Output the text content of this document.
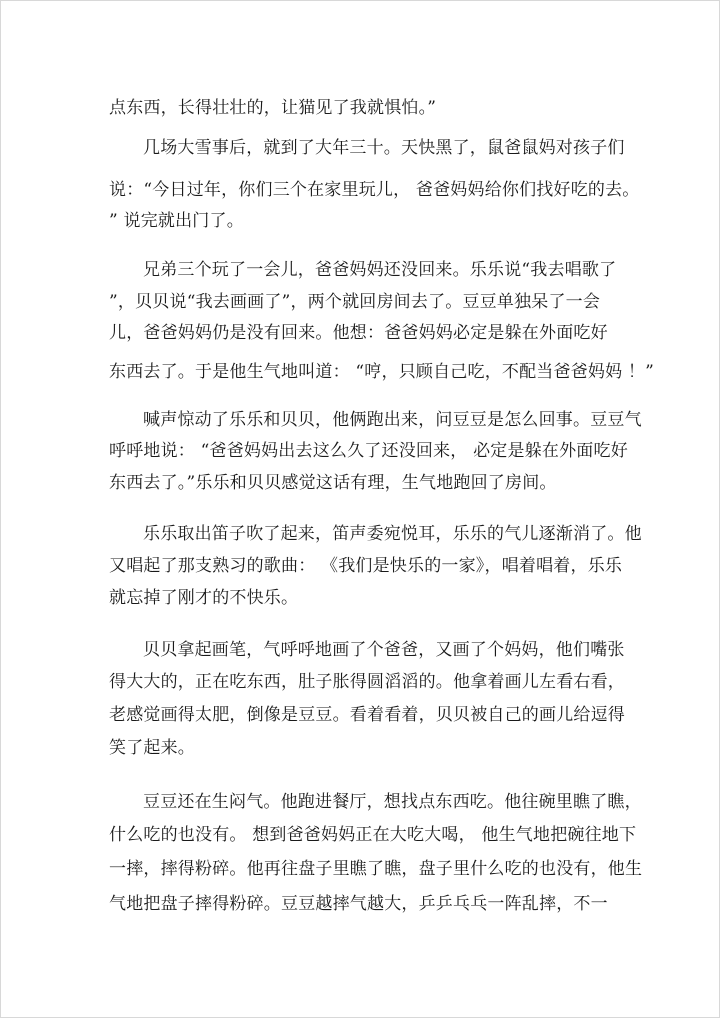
点东西，长得壮壮的，让猫见了我就惧怕。”
几场大雪事后，就到了大年三十。天快黑了，鼠爸鼠妈对孩子们
说：“今日过年，你们三个在家里玩儿， 爸爸妈妈给你们找好吃的去。
” 说完就出门了。
兄弟三个玩了一会儿，爸爸妈妈还没回来。乐乐说“我去唱歌了
”，贝贝说“我去画画了”，两个就回房间去了。豆豆单独呆了一会
儿，爸爸妈妈仍是没有回来。他想：爸爸妈妈必定是躲在外面吃好
东西去了。于是他生气地叫道： “哼，只顾自己吃，不配当爸爸妈妈 ！”
喊声惊动了乐乐和贝贝，他俩跑出来，问豆豆是怎么回事。豆豆气
呼呼地说： “爸爸妈妈出去这么久了还没回来， 必定是躲在外面吃好
东西去了。”乐乐和贝贝感觉这话有理，生气地跑回了房间。
乐乐取出笛子吹了起来，笛声委宛悦耳，乐乐的气儿逐渐消了。他
又唱起了那支熟习的歌曲： 《我们是快乐的一家》，唱着唱着，乐乐
就忘掉了刚才的不快乐。
贝贝拿起画笔，气呼呼地画了个爸爸，又画了个妈妈，他们嘴张
得大大的，正在吃东西，肚子胀得圆滔滔的。他拿着画儿左看右看，
老感觉画得太肥，倒像是豆豆。看着看着，贝贝被自己的画儿给逗得
笑了起来。
豆豆还在生闷气。他跑进餐厅，想找点东西吃。他往碗里瞧了瞧，
什么吃的也没有。 想到爸爸妈妈正在大吃大喝， 他生气地把碗往地下
一摔，摔得粉碎。他再往盘子里瞧了瞧，盘子里什么吃的也没有，他生
气地把盘子摔得粉碎。豆豆越摔气越大，乒乒乓乓一阵乱摔，不一
